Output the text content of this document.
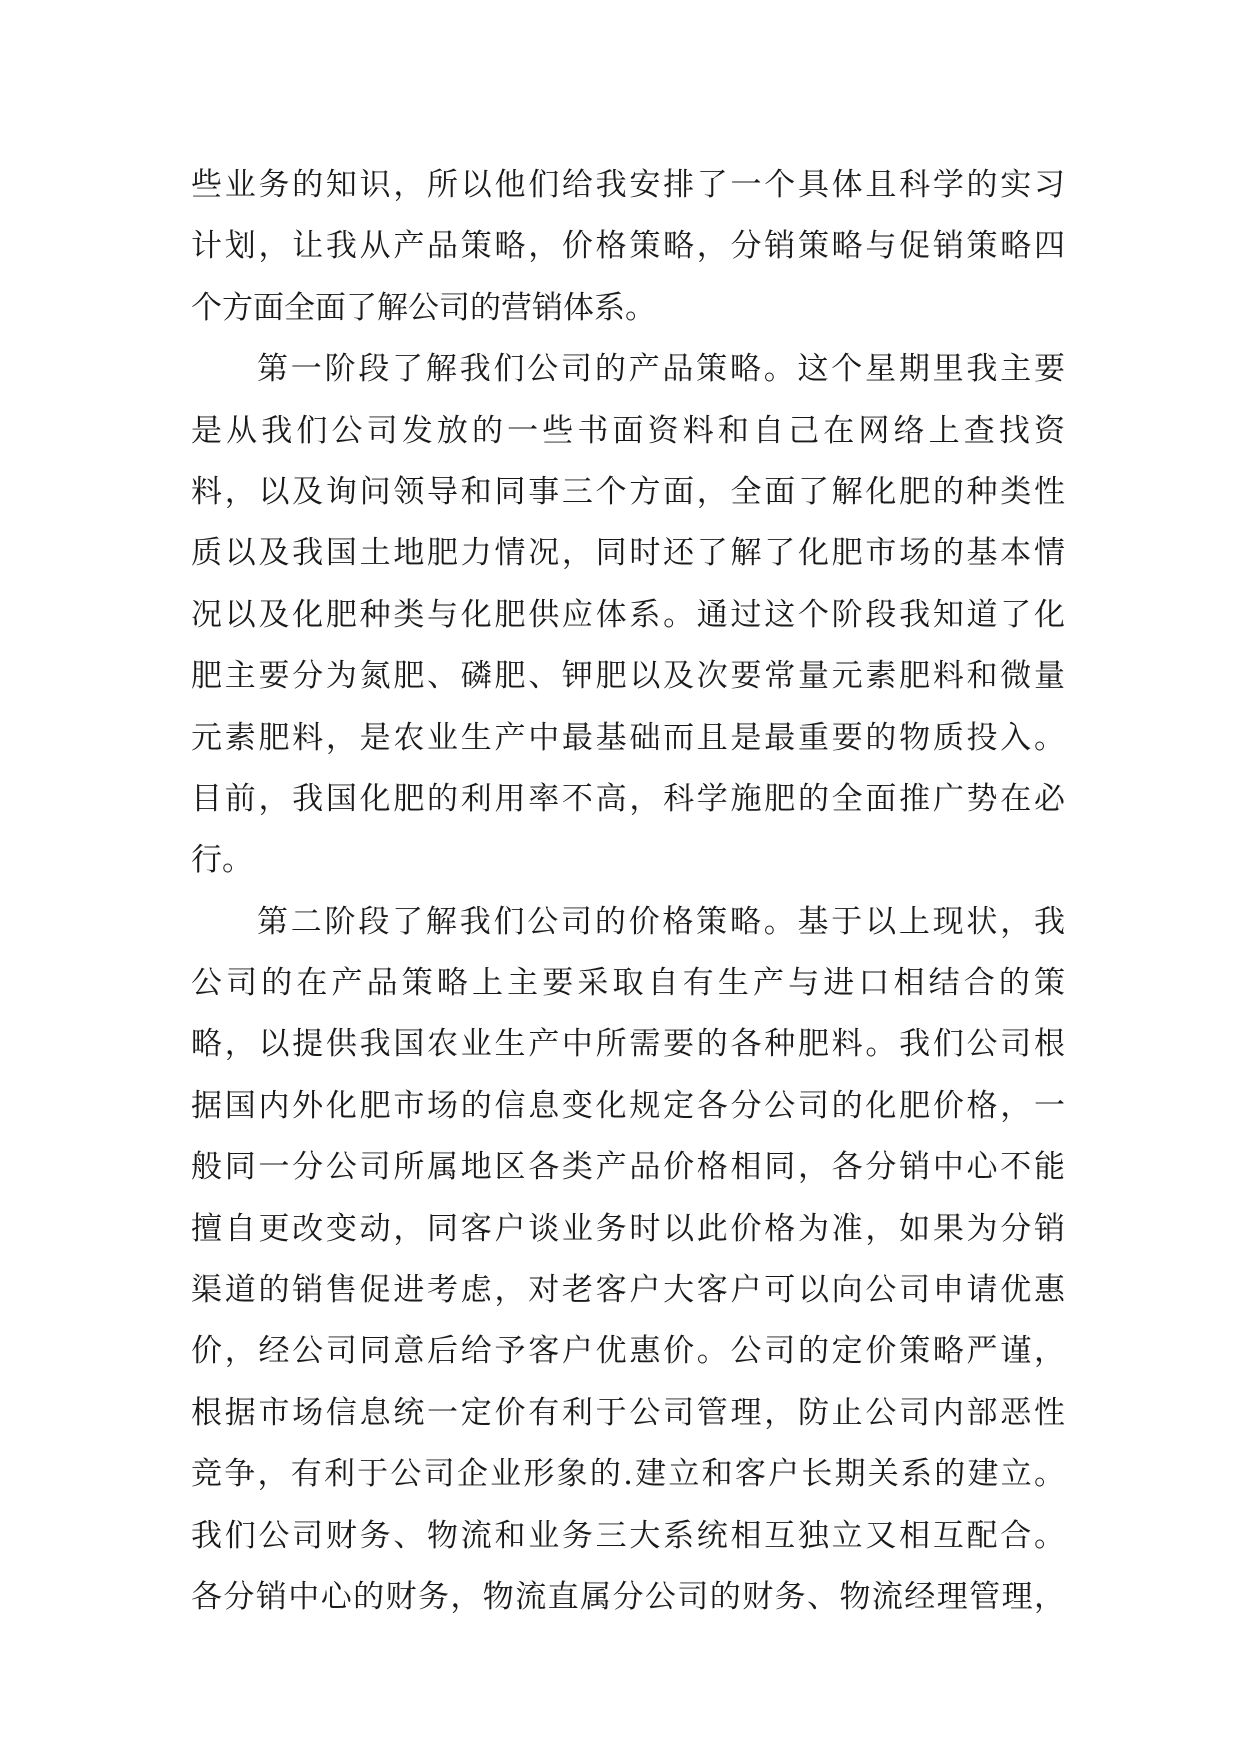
些业务的知识，所以他们给我安排了一个具体且科学的实习
计划，让我从产品策略，价格策略，分销策略与促销策略四
个方面全面了解公司的营销体系。
第一阶段了解我们公司的产品策略。这个星期里我主要
是从我们公司发放的一些书面资料和自己在网络上查找资
料，以及询问领导和同事三个方面，全面了解化肥的种类性
质以及我国土地肥力情况，同时还了解了化肥市场的基本情
况以及化肥种类与化肥供应体系。通过这个阶段我知道了化
肥主要分为氮肥、磷肥、钾肥以及次要常量元素肥料和微量
元素肥料，是农业生产中最基础而且是最重要的物质投入。
目前，我国化肥的利用率不高，科学施肥的全面推广势在必
行。
第二阶段了解我们公司的价格策略。基于以上现状，我
公司的在产品策略上主要采取自有生产与进口相结合的策
略，以提供我国农业生产中所需要的各种肥料。我们公司根
据国内外化肥市场的信息变化规定各分公司的化肥价格，一
般同一分公司所属地区各类产品价格相同，各分销中心不能
擅自更改变动，同客户谈业务时以此价格为准，如果为分销
渠道的销售促进考虑，对老客户大客户可以向公司申请优惠
价，经公司同意后给予客户优惠价。公司的定价策略严谨，
根据市场信息统一定价有利于公司管理，防止公司内部恶性
竞争，有利于公司企业形象的.建立和客户长期关系的建立。
我们公司财务、物流和业务三大系统相互独立又相互配合。
各分销中心的财务，物流直属分公司的财务、物流经理管理，
